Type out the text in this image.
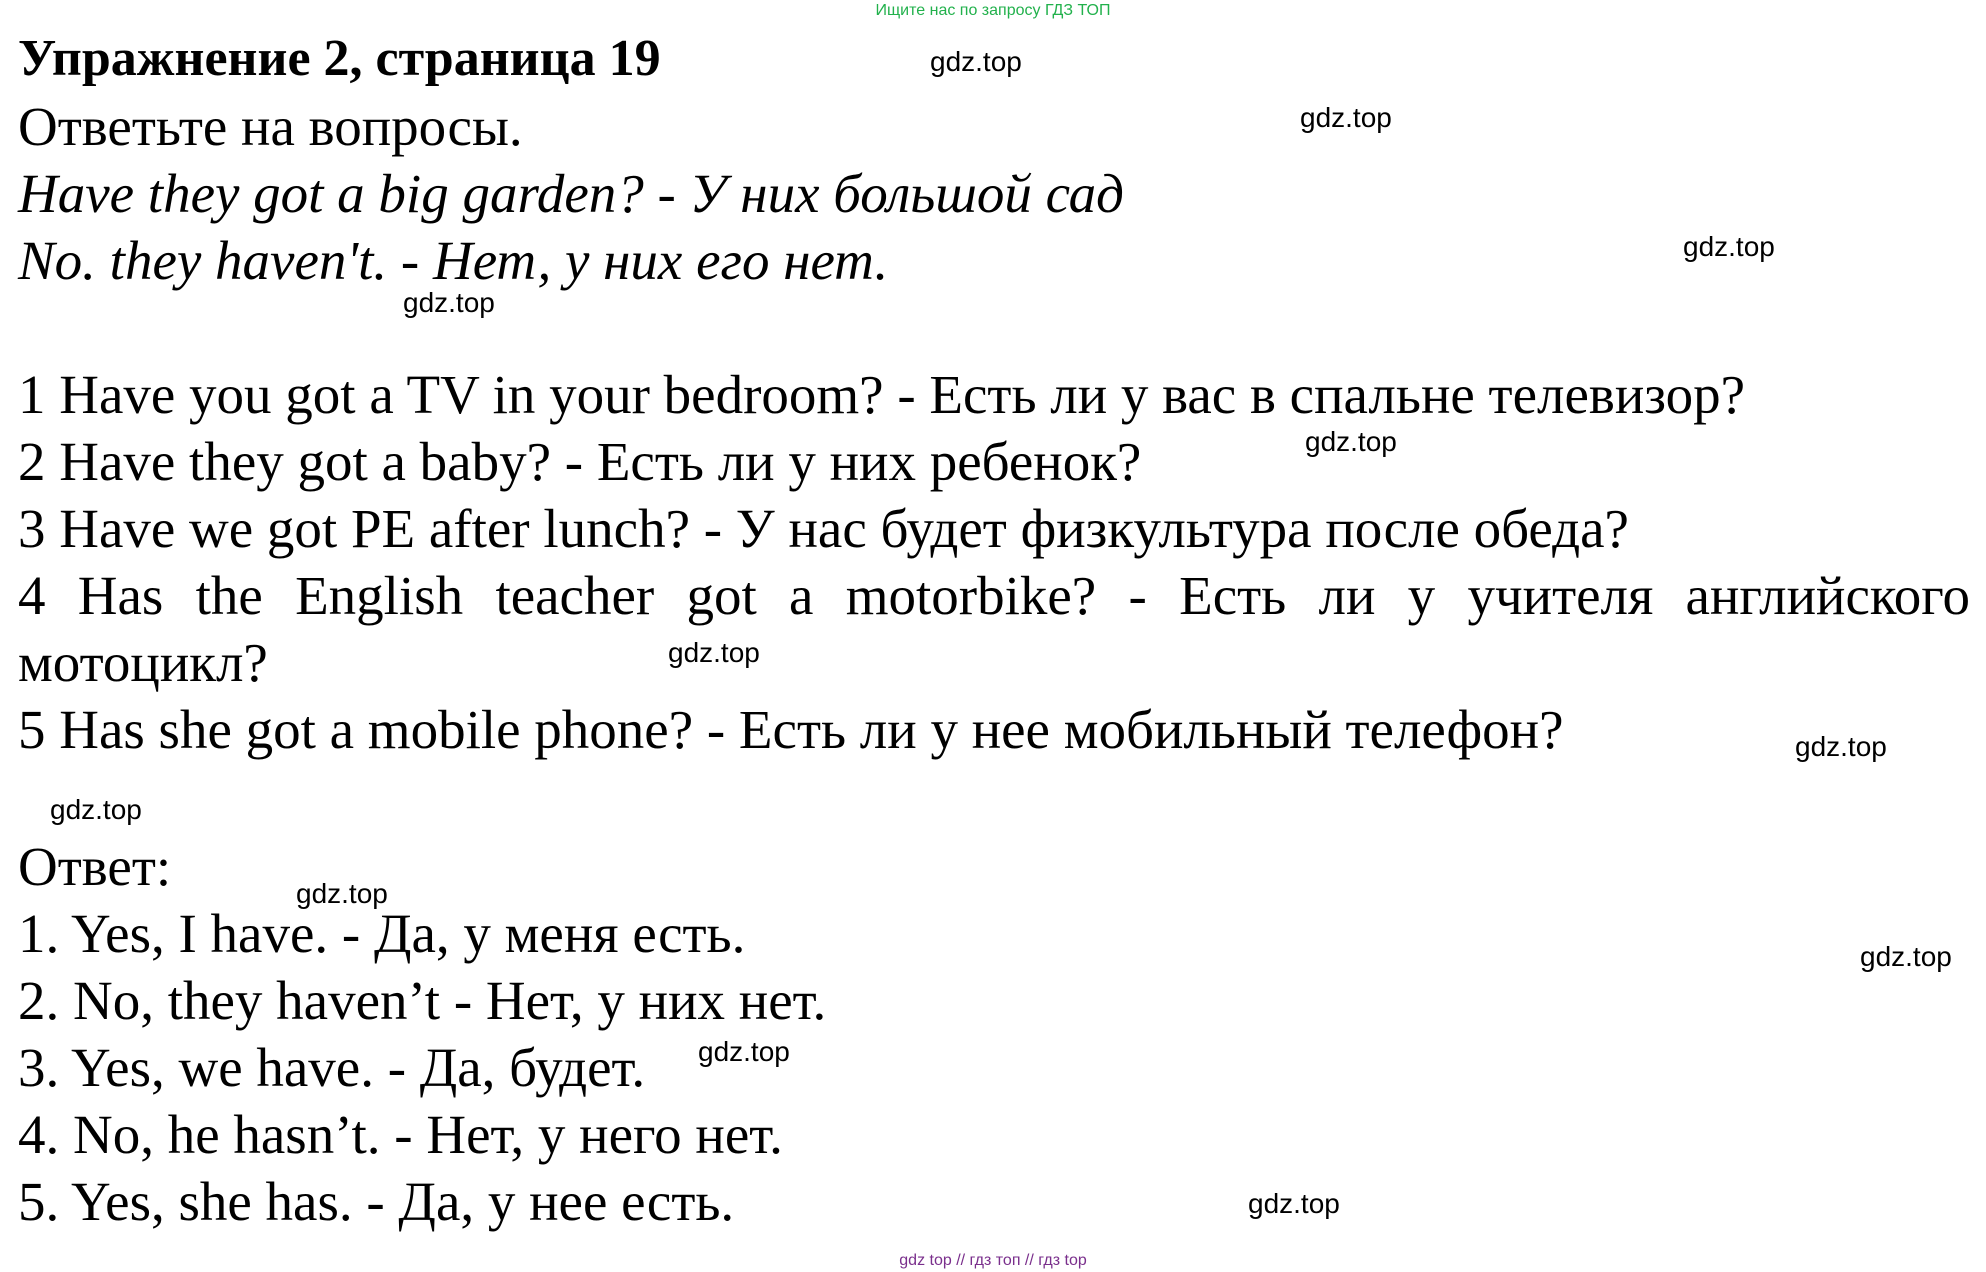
Ищите нас по запросу ГДЗ ТОП
Упражнение 2, страница 19
Ответьте на вопросы.
Have they got a big garden? - У них большой сад
No. they haven't. - Нет, у них его нет.
1 Have you got a TV in your bedroom? - Есть ли у вас в спальне телевизор?
2 Have they got a baby? - Есть ли у них ребенок?
3 Have we got PE after lunch? - У нас будет физкультура после обеда?
4 Has the English teacher got a motorbike? - Есть ли у учителя английского
мотоцикл?
5 Has she got a mobile phone? - Есть ли у нее мобильный телефон?
Ответ:
1. Yes, I have. - Да, у меня есть.
2. No, they haven’t - Нет, у них нет.
3. Yes, we have. - Да, будет.
4. No, he hasn’t. - Нет, у него нет.
5. Yes, she has. - Да, у нее есть.
gdz.top
gdz.top
gdz.top
gdz.top
gdz.top
gdz.top
gdz.top
gdz.top
gdz.top
gdz.top
gdz.top
gdz.top
gdz top // гдз топ // гдз top
